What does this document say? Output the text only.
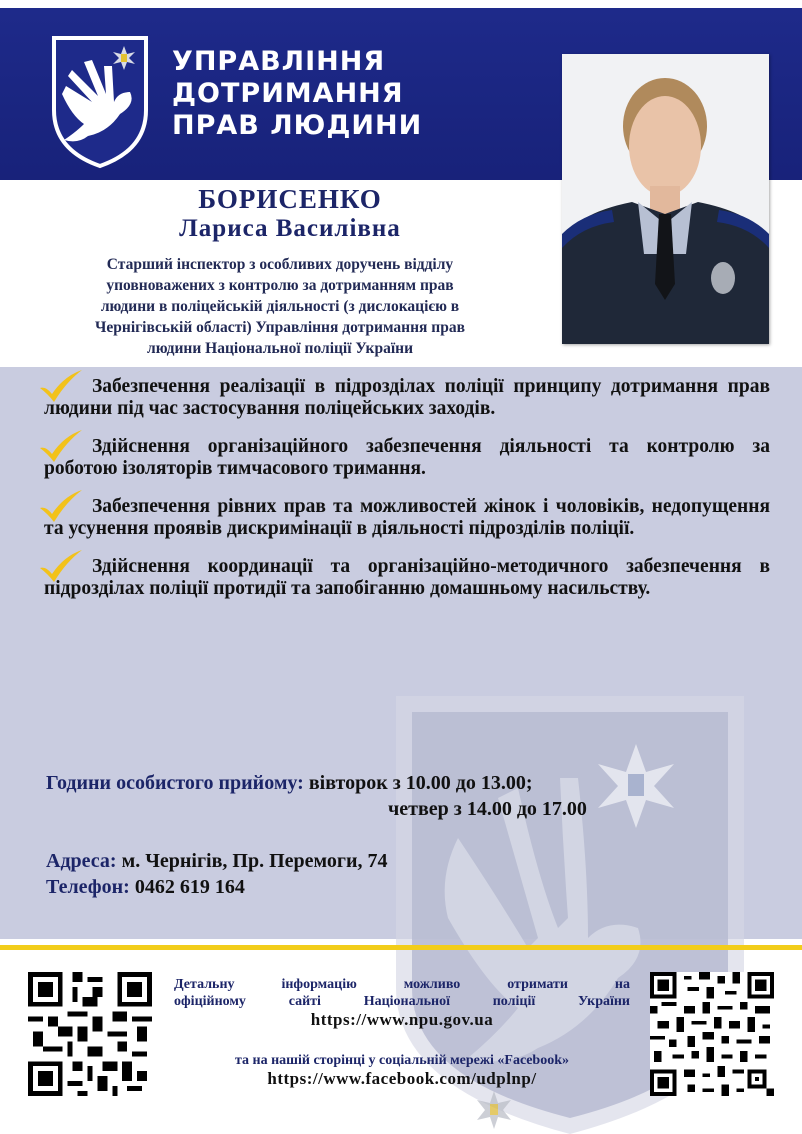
УПРАВЛІННЯ
ДОТРИМАННЯ
ПРАВ ЛЮДИНИ
БОРИСЕНКО
Лариса Василівна
Старший інспектор з особливих доручень відділу
уповноважених з контролю за дотриманням прав
людини в поліцейській діяльності (з дислокацією в
Чернігівській області) Управління дотримання прав
людини Національної поліції України
Забезпечення реалізації в підрозділах поліції принципу дотримання прав людини під час застосування поліцейських заходів.
Здійснення організаційного забезпечення діяльності та контролю за роботою ізоляторів тимчасового тримання.
Забезпечення рівних прав та можливостей жінок і чоловіків, недопущення та усунення проявів дискримінації в діяльності підрозділів поліції.
Здійснення координації та організаційно-методичного забезпечення в підрозділах поліції протидії та запобіганню домашньому насильству.
Години особистого прийому: вівторок з 10.00 до 13.00;
четвер з 14.00 до 17.00
Адреса: м. Чернігів, Пр. Перемоги, 74
Телефон: 0462 619 164
Детальну інформацію можливо отримати на
офіційному сайті Національної поліції України
https://www.npu.gov.ua
та на нашій сторінці у соціальній мережі «Facebook»
https://www.facebook.com/udplnp/
